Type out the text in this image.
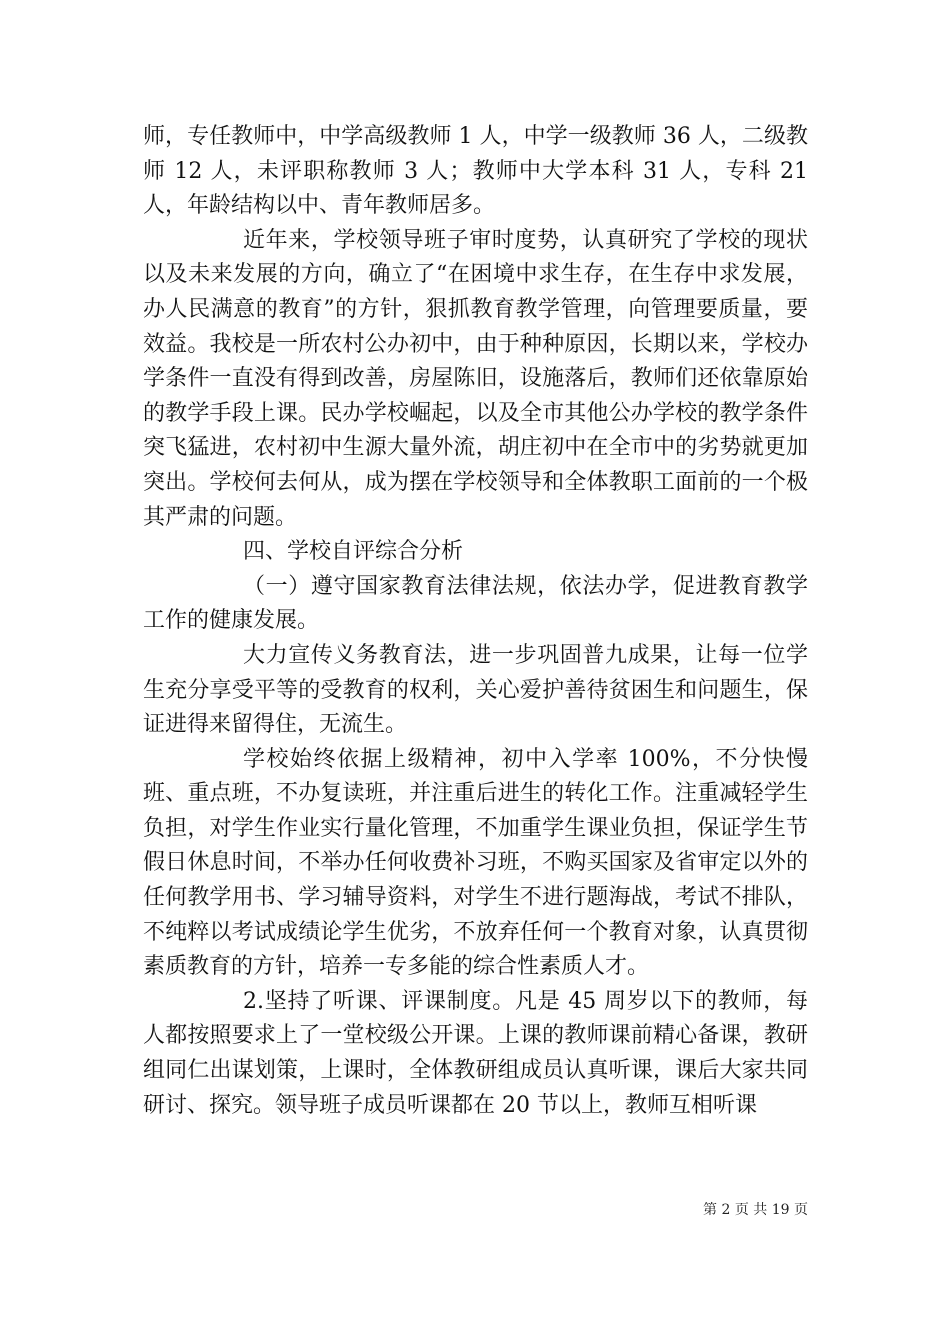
师，专任教师中，中学高级教师 1 人，中学一级教师 36 人，二级教师 12 人，未评职称教师 3 人；教师中大学本科 31 人，专科 21 人，年龄结构以中、青年教师居多。

近年来，学校领导班子审时度势，认真研究了学校的现状以及未来发展的方向，确立了“在困境中求生存，在生存中求发展，办人民满意的教育”的方针，狠抓教育教学管理，向管理要质量，要效益。我校是一所农村公办初中，由于种种原因，长期以来，学校办学条件一直没有得到改善，房屋陈旧，设施落后，教师们还依靠原始的教学手段上课。民办学校崛起，以及全市其他公办学校的教学条件突飞猛进，农村初中生源大量外流，胡庄初中在全市中的劣势就更加突出。学校何去何从，成为摆在学校领导和全体教职工面前的一个极其严肃的问题。

四、学校自评综合分析

（一）遵守国家教育法律法规，依法办学，促进教育教学工作的健康发展。

大力宣传义务教育法，进一步巩固普九成果，让每一位学生充分享受平等的受教育的权利，关心爱护善待贫困生和问题生，保证进得来留得住，无流生。

学校始终依据上级精神，初中入学率 100%，不分快慢班、重点班，不办复读班，并注重后进生的转化工作。注重减轻学生负担，对学生作业实行量化管理，不加重学生课业负担，保证学生节假日休息时间，不举办任何收费补习班，不购买国家及省审定以外的任何教学用书、学习辅导资料，对学生不进行题海战，考试不排队，不纯粹以考试成绩论学生优劣，不放弃任何一个教育对象，认真贯彻素质教育的方针，培养一专多能的综合性素质人才。

2.坚持了听课、评课制度。凡是 45 周岁以下的教师，每人都按照要求上了一堂校级公开课。上课的教师课前精心备课，教研组同仁出谋划策，上课时，全体教研组成员认真听课，课后大家共同研讨、探究。领导班子成员听课都在 20 节以上，教师互相听课

第 2 页 共 19 页
